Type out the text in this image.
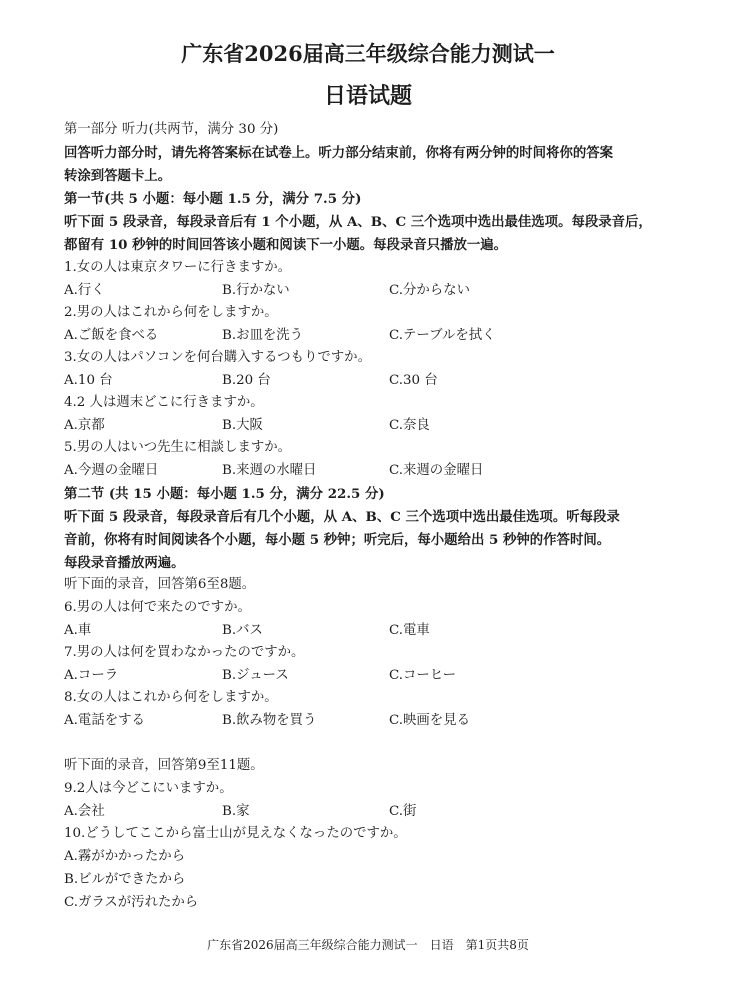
广东省2026届高三年级综合能力测试一
日语试题
第一部分 听力(共两节，满分 30 分)
回答听力部分时，请先将答案标在试卷上。听力部分结束前，你将有两分钟的时间将你的答案
转涂到答题卡上。
第一节(共 5 小题：每小题 1.5 分，满分 7.5 分)
听下面 5 段录音，每段录音后有 1 个小题，从 A、B、C 三个选项中选出最佳选项。每段录音后，
都留有 10 秒钟的时间回答该小题和阅读下一小题。每段录音只播放一遍。
1.女の人は東京タワーに行きますか。
A.行く	B.行かない	C.分からない
2.男の人はこれから何をしますか。
A.ご飯を食べる	B.お皿を洗う	C.テーブルを拭く
3.女の人はパソコンを何台購入するつもりですか。
A.10 台	B.20 台	C.30 台
4.2 人は週末どこに行きますか。
A.京都	B.大阪	C.奈良
5.男の人はいつ先生に相談しますか。
A.今週の金曜日	B.来週の水曜日	C.来週の金曜日
第二节 (共 15 小题：每小题 1.5 分，满分 22.5 分)
听下面 5 段录音，每段录音后有几个小题，从 A、B、C 三个选项中选出最佳选项。听每段录
音前，你将有时间阅读各个小题，每小题 5 秒钟；听完后，每小题给出 5 秒钟的作答时间。
每段录音播放两遍。
听下面的录音，回答第6至8题。
6.男の人は何で来たのですか。
A.車	B.バス	C.電車
7.男の人は何を買わなかったのですか。
A.コーラ	B.ジュース	C.コーヒー
8.女の人はこれから何をしますか。
A.電話をする	B.飲み物を買う	C.映画を見る
听下面的录音，回答第9至11题。
9.2人は今どこにいますか。
A.会社	B.家	C.街
10.どうしてここから富士山が見えなくなったのですか。
A.霧がかかったから
B.ビルができたから
C.ガラスが汚れたから
广东省2026届高三年级综合能力测试一　日语　第1页共8页
